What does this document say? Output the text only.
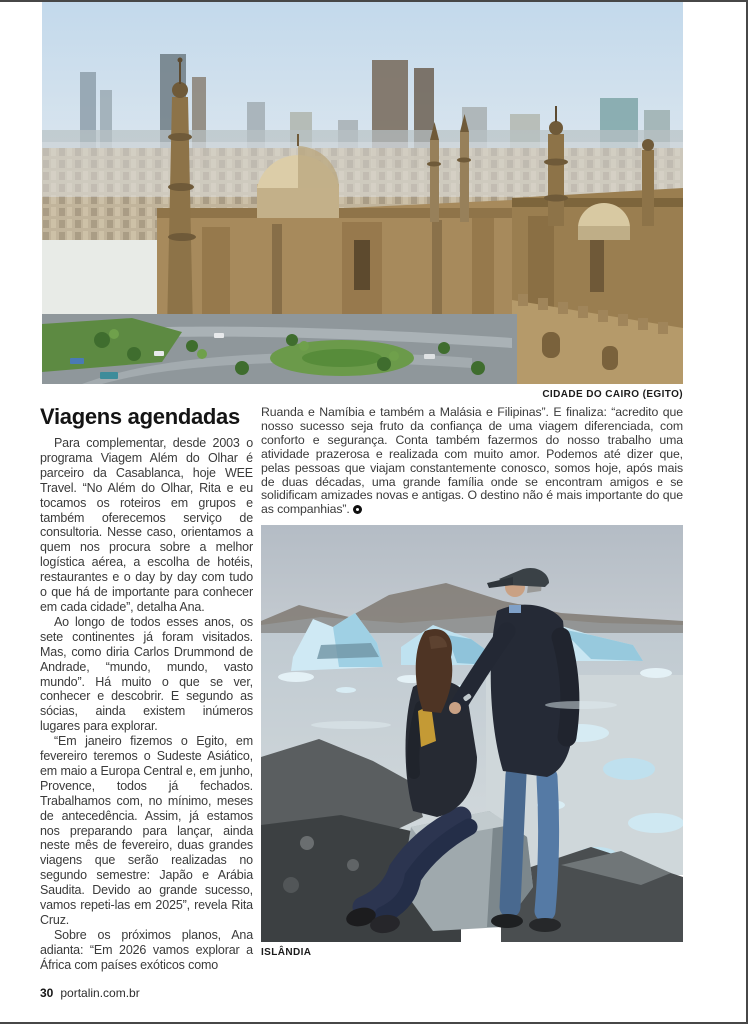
CIDADE DO CAIRO (EGITO)
Viagens agendadas

Para complementar, desde 2003 o programa Viagem Além do Olhar é parceiro da Casablanca, hoje WEE Travel. “No Além do Olhar, Rita e eu tocamos os roteiros em grupos e também oferecemos serviço de consultoria. Nesse caso, orientamos a quem nos procura sobre a melhor logística aérea, a escolha de hotéis, restaurantes e o day by day com tudo o que há de importante para conhecer em cada cidade”, detalha Ana.

Ao longo de todos esses anos, os sete continentes já foram visitados. Mas, como diria Carlos Drummond de Andrade, “mundo, mundo, vasto mundo”. Há muito o que se ver, conhecer e descobrir. E segundo as sócias, ainda existem inúmeros lugares para explorar.

“Em janeiro fizemos o Egito, em fevereiro teremos o Sudeste Asiático, em maio a Europa Central e, em junho, Provence, todos já fechados. Trabalhamos com, no mínimo, meses de antecedência. Assim, já estamos nos preparando para lançar, ainda neste mês de fevereiro, duas grandes viagens que serão realizadas no segundo semestre: Japão e Arábia Saudita. Devido ao grande sucesso, vamos repeti-las em 2025”, revela Rita Cruz.

Sobre os próximos planos, Ana adianta: “Em 2026 vamos explorar a África com países exóticos como

Ruanda e Namíbia e também a Malásia e Filipinas”. E finaliza: “acredito que nosso sucesso seja fruto da confiança de uma viagem diferenciada, com conforto e segurança. Conta também fazermos do nosso trabalho uma atividade prazerosa e realizada com muito amor. Podemos até dizer que, pelas pessoas que viajam constantemente conosco, somos hoje, após mais de duas décadas, uma grande família onde se encontram amigos e se solidificam amizades novas e antigas. O destino não é mais importante do que as companhias”.

ISLÂNDIA
30 portalin.com.br
